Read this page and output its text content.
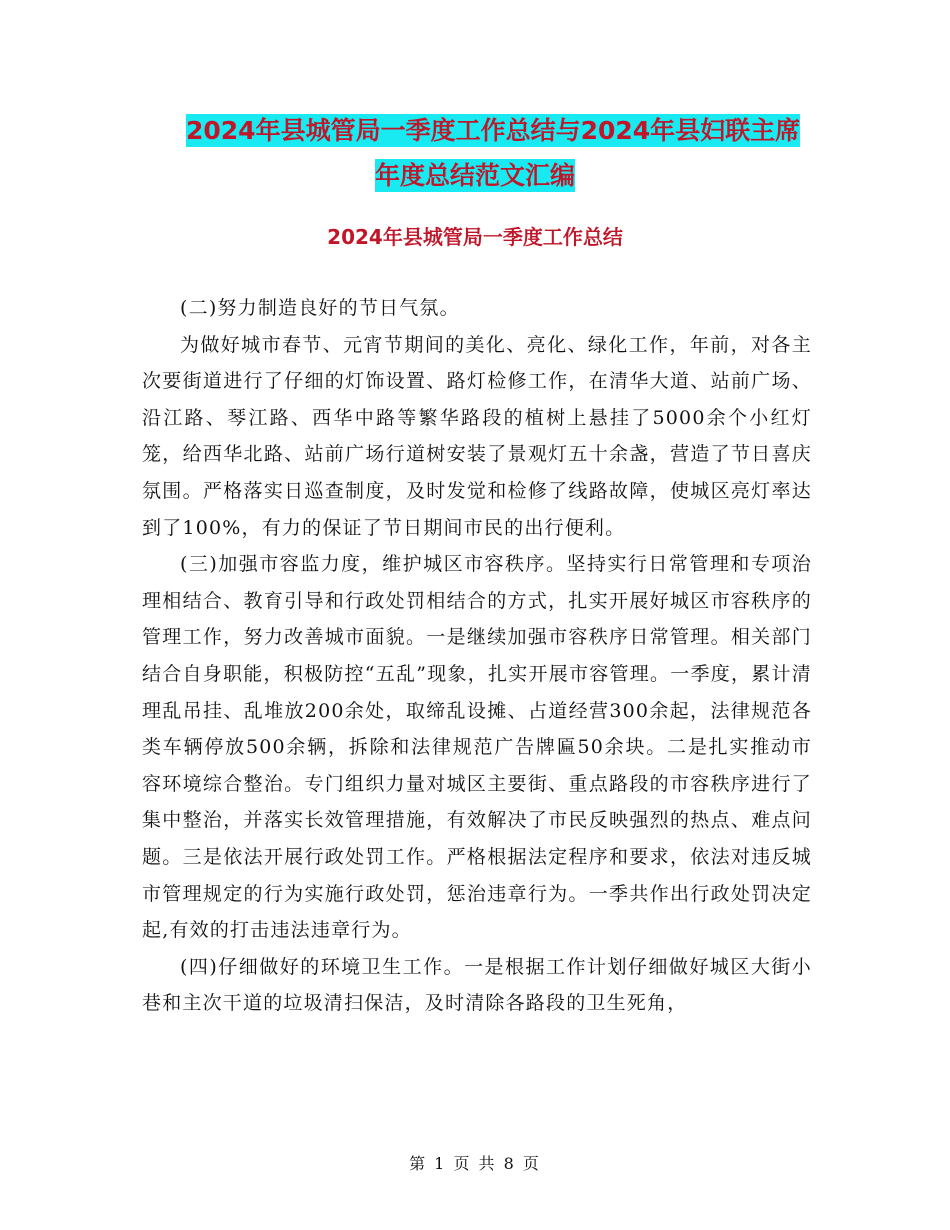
2024年县城管局一季度工作总结与2024年县妇联主席
年度总结范文汇编
2024年县城管局一季度工作总结

(二)努力制造良好的节日气氛。

为做好城市春节、元宵节期间的美化、亮化、绿化工作，年前，对各主次要街道进行了仔细的灯饰设置、路灯检修工作，在清华大道、站前广场、沿江路、琴江路、西华中路等繁华路段的植树上悬挂了5000余个小红灯笼，给西华北路、站前广场行道树安装了景观灯五十余盏，营造了节日喜庆氛围。严格落实日巡查制度，及时发觉和检修了线路故障，使城区亮灯率达到了100%，有力的保证了节日期间市民的出行便利。

(三)加强市容监力度，维护城区市容秩序。坚持实行日常管理和专项治理相结合、教育引导和行政处罚相结合的方式，扎实开展好城区市容秩序的管理工作，努力改善城市面貌。一是继续加强市容秩序日常管理。相关部门结合自身职能，积极防控“五乱”现象，扎实开展市容管理。一季度，累计清理乱吊挂、乱堆放200余处，取缔乱设摊、占道经营300余起，法律规范各类车辆停放500余辆，拆除和法律规范广告牌匾50余块。二是扎实推动市容环境综合整治。专门组织力量对城区主要街、重点路段的市容秩序进行了集中整治，并落实长效管理措施，有效解决了市民反映强烈的热点、难点问题。三是依法开展行政处罚工作。严格根据法定程序和要求，依法对违反城市管理规定的行为实施行政处罚，惩治违章行为。一季共作出行政处罚决定起,有效的打击违法违章行为。

(四)仔细做好的环境卫生工作。一是根据工作计划仔细做好城区大街小巷和主次干道的垃圾清扫保洁，及时清除各路段的卫生死角，

第 1 页 共 8 页
